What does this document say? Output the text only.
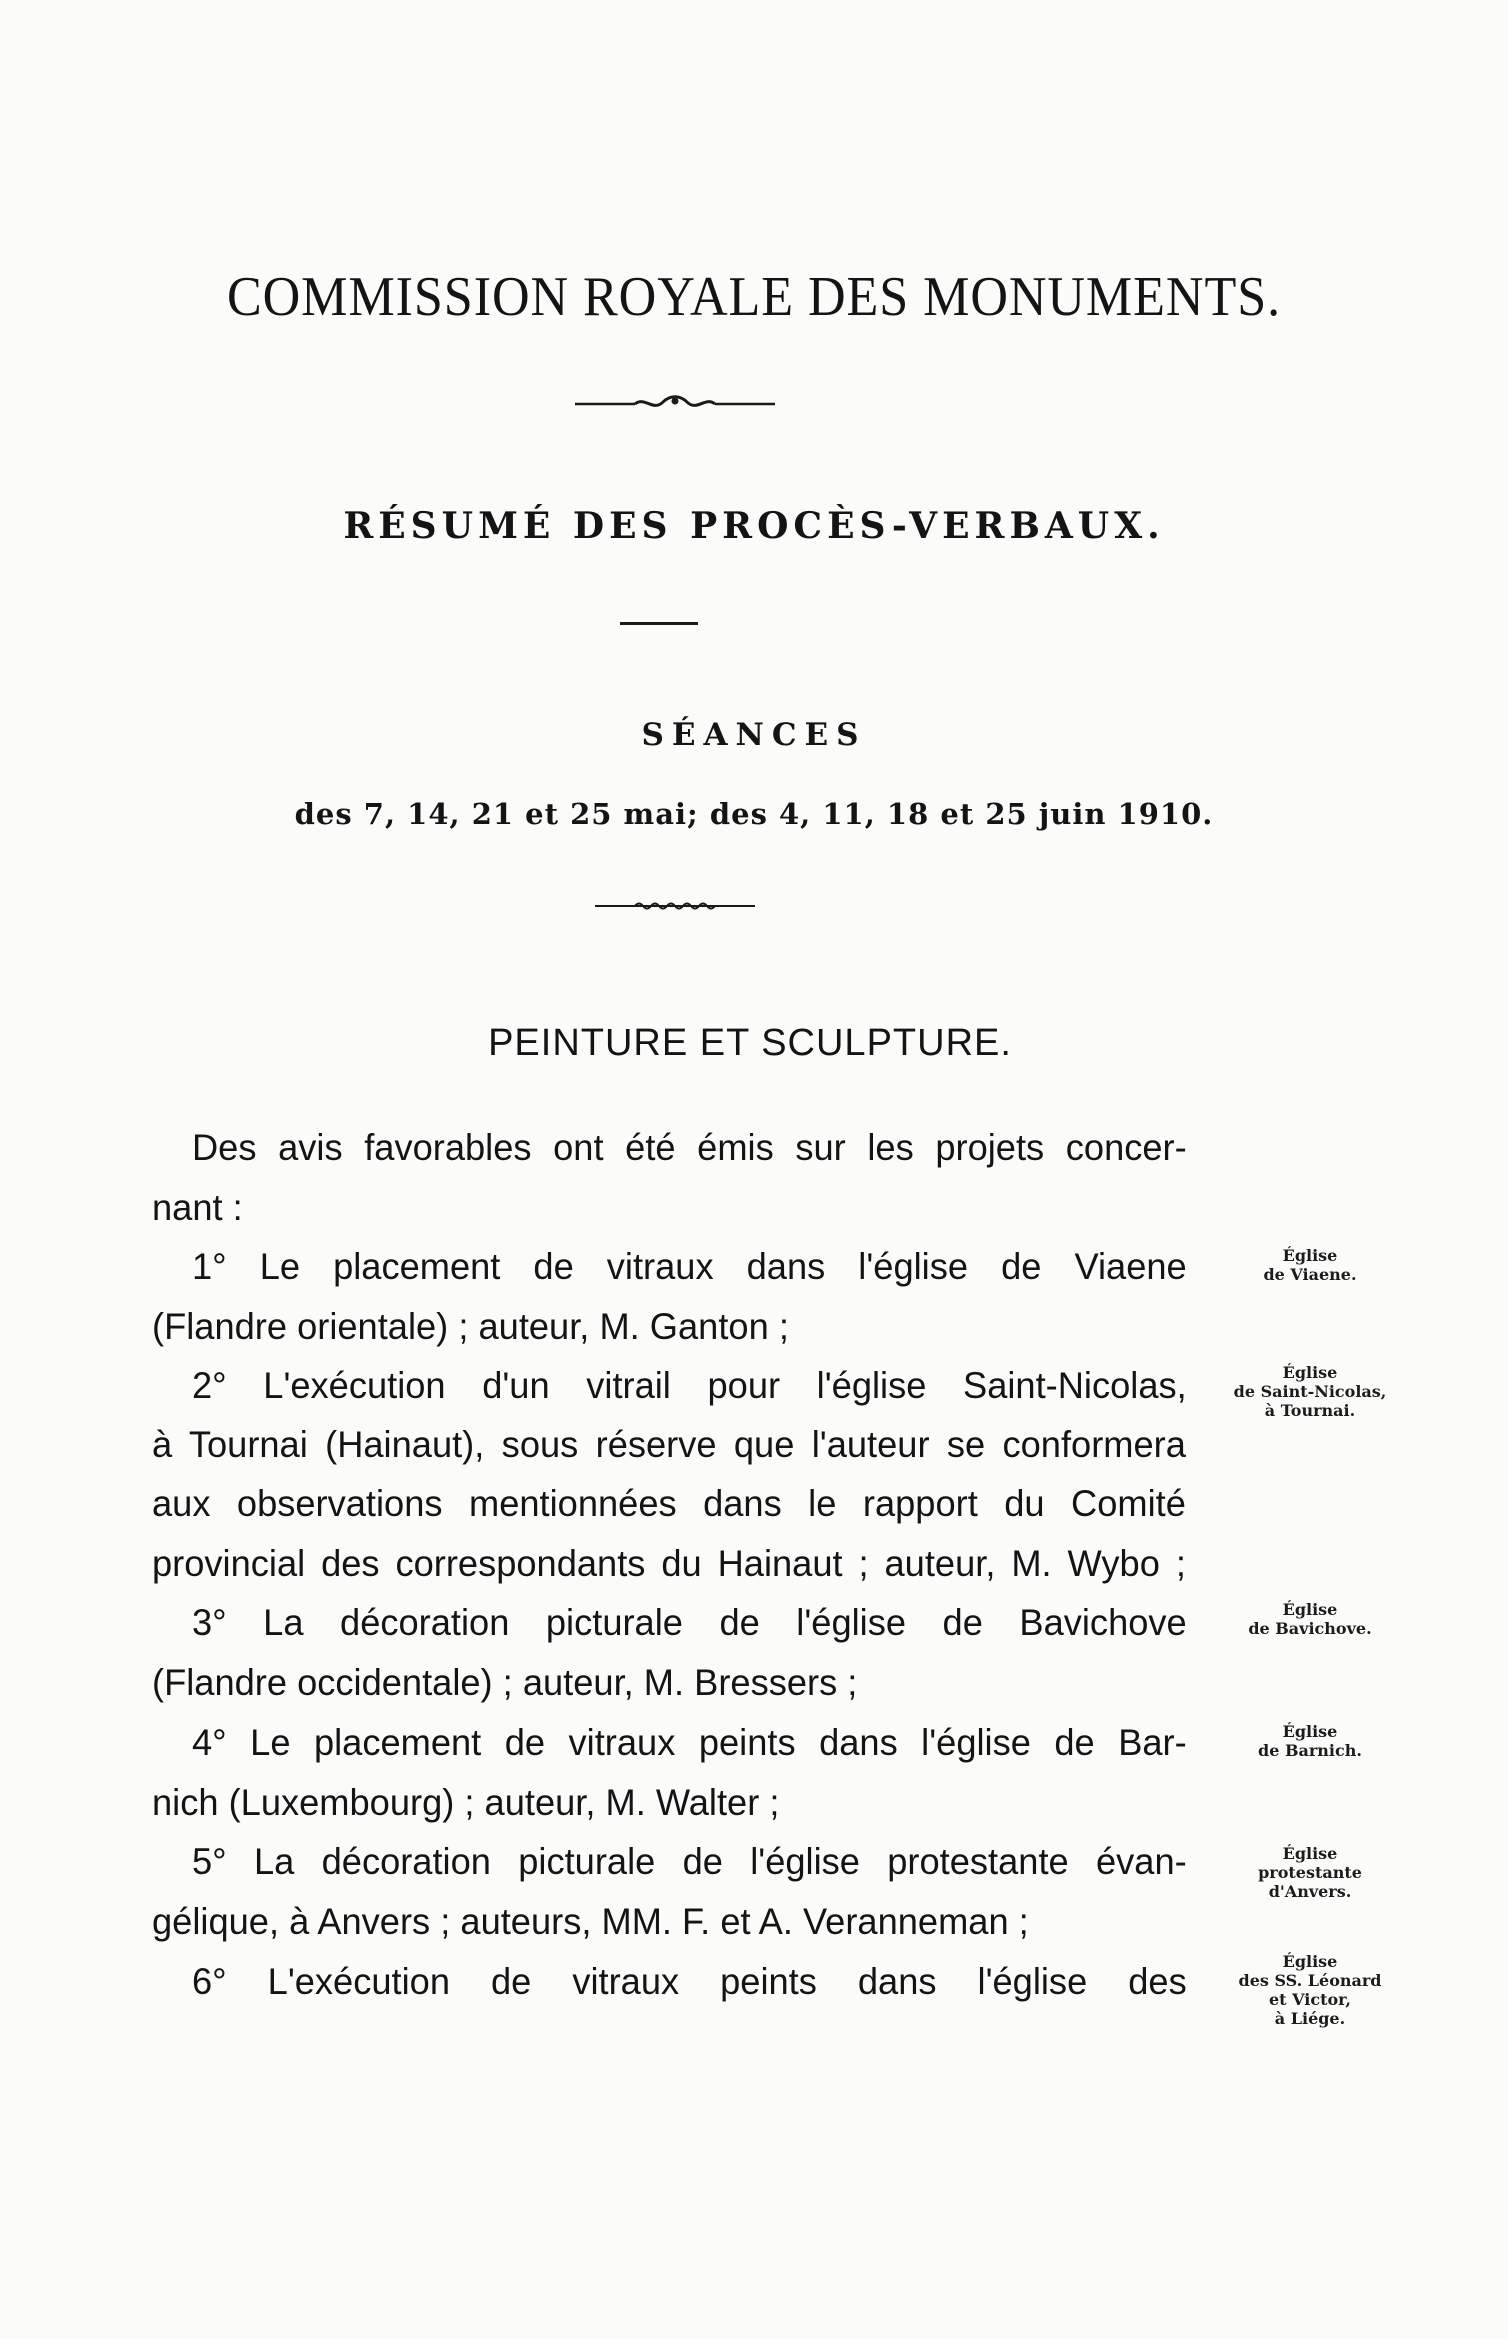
COMMISSION ROYALE DES MONUMENTS.
RÉSUMÉ DES PROCÈS-VERBAUX.
SÉANCES
des 7, 14, 21 et 25 mai; des 4, 11, 18 et 25 juin 1910.
PEINTURE ET SCULPTURE.
Des avis favorables ont été émis sur les projets concer-
nant :
1° Le placement de vitraux dans l'église de Viaene
(Flandre orientale) ; auteur, M. Ganton ;
2° L'exécution d'un vitrail pour l'église Saint-Nicolas,
à Tournai (Hainaut), sous réserve que l'auteur se conformera
aux observations mentionnées dans le rapport du Comité
provincial des correspondants du Hainaut ; auteur, M. Wybo ;
3° La décoration picturale de l'église de Bavichove
(Flandre occidentale) ; auteur, M. Bressers ;
4° Le placement de vitraux peints dans l'église de Bar-
nich (Luxembourg) ; auteur, M. Walter ;
5° La décoration picturale de l'église protestante évan-
gélique, à Anvers ; auteurs, MM. F. et A. Veranneman ;
6° L'exécution de vitraux peints dans l'église des
Église
de Viaene.
Église
de Saint-Nicolas,
à Tournai.
Église
de Bavichove.
Église
de Barnich.
Église
protestante
d'Anvers.
Église
des SS. Léonard
et Victor,
à Liége.
